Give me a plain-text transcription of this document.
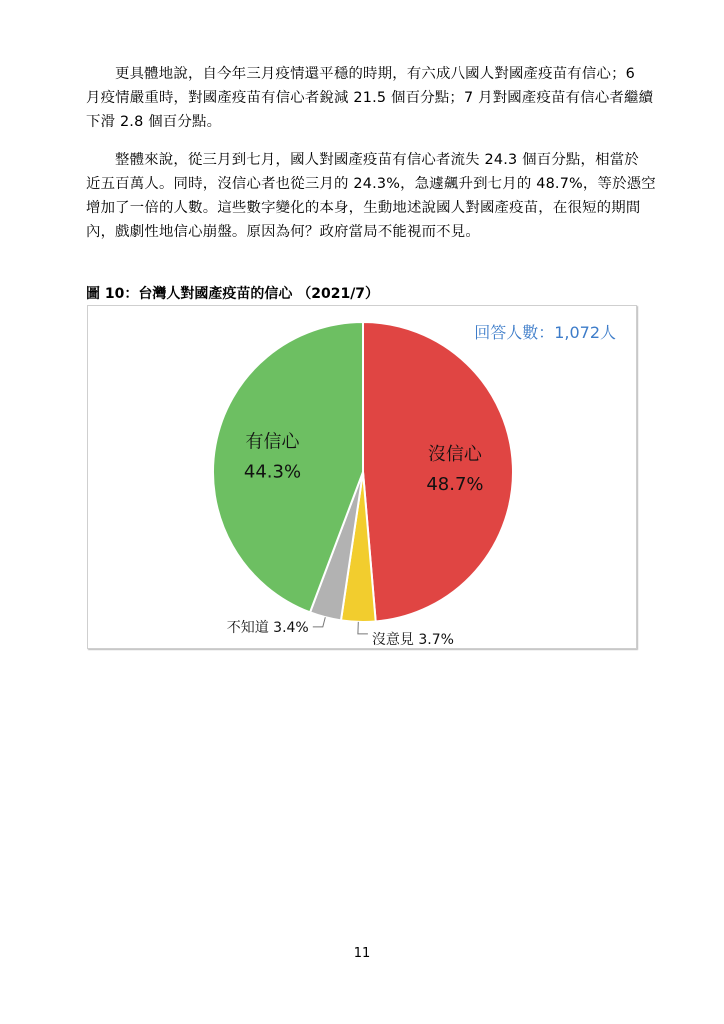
更具體地說，自今年三月疫情還平穩的時期，有六成八國人對國產疫苗有信心；6
月疫情嚴重時，對國產疫苗有信心者銳減 21.5 個百分點；7 月對國產疫苗有信心者繼續
下滑 2.8 個百分點。
整體來說，從三月到七月，國人對國產疫苗有信心者流失 24.3 個百分點，相當於
近五百萬人。同時，沒信心者也從三月的 24.3%，急遽飆升到七月的 48.7%，等於憑空
增加了一倍的人數。這些數字變化的本身，生動地述說國人對國產疫苗，在很短的期間
內，戲劇性地信心崩盤。原因為何？政府當局不能視而不見。
圖 10：台灣人對國產疫苗的信心 （2021/7）
沒信心
48.7%
有信心
44.3%
沒意見 3.7%
不知道 3.4%
回答人數：1,072人
11
